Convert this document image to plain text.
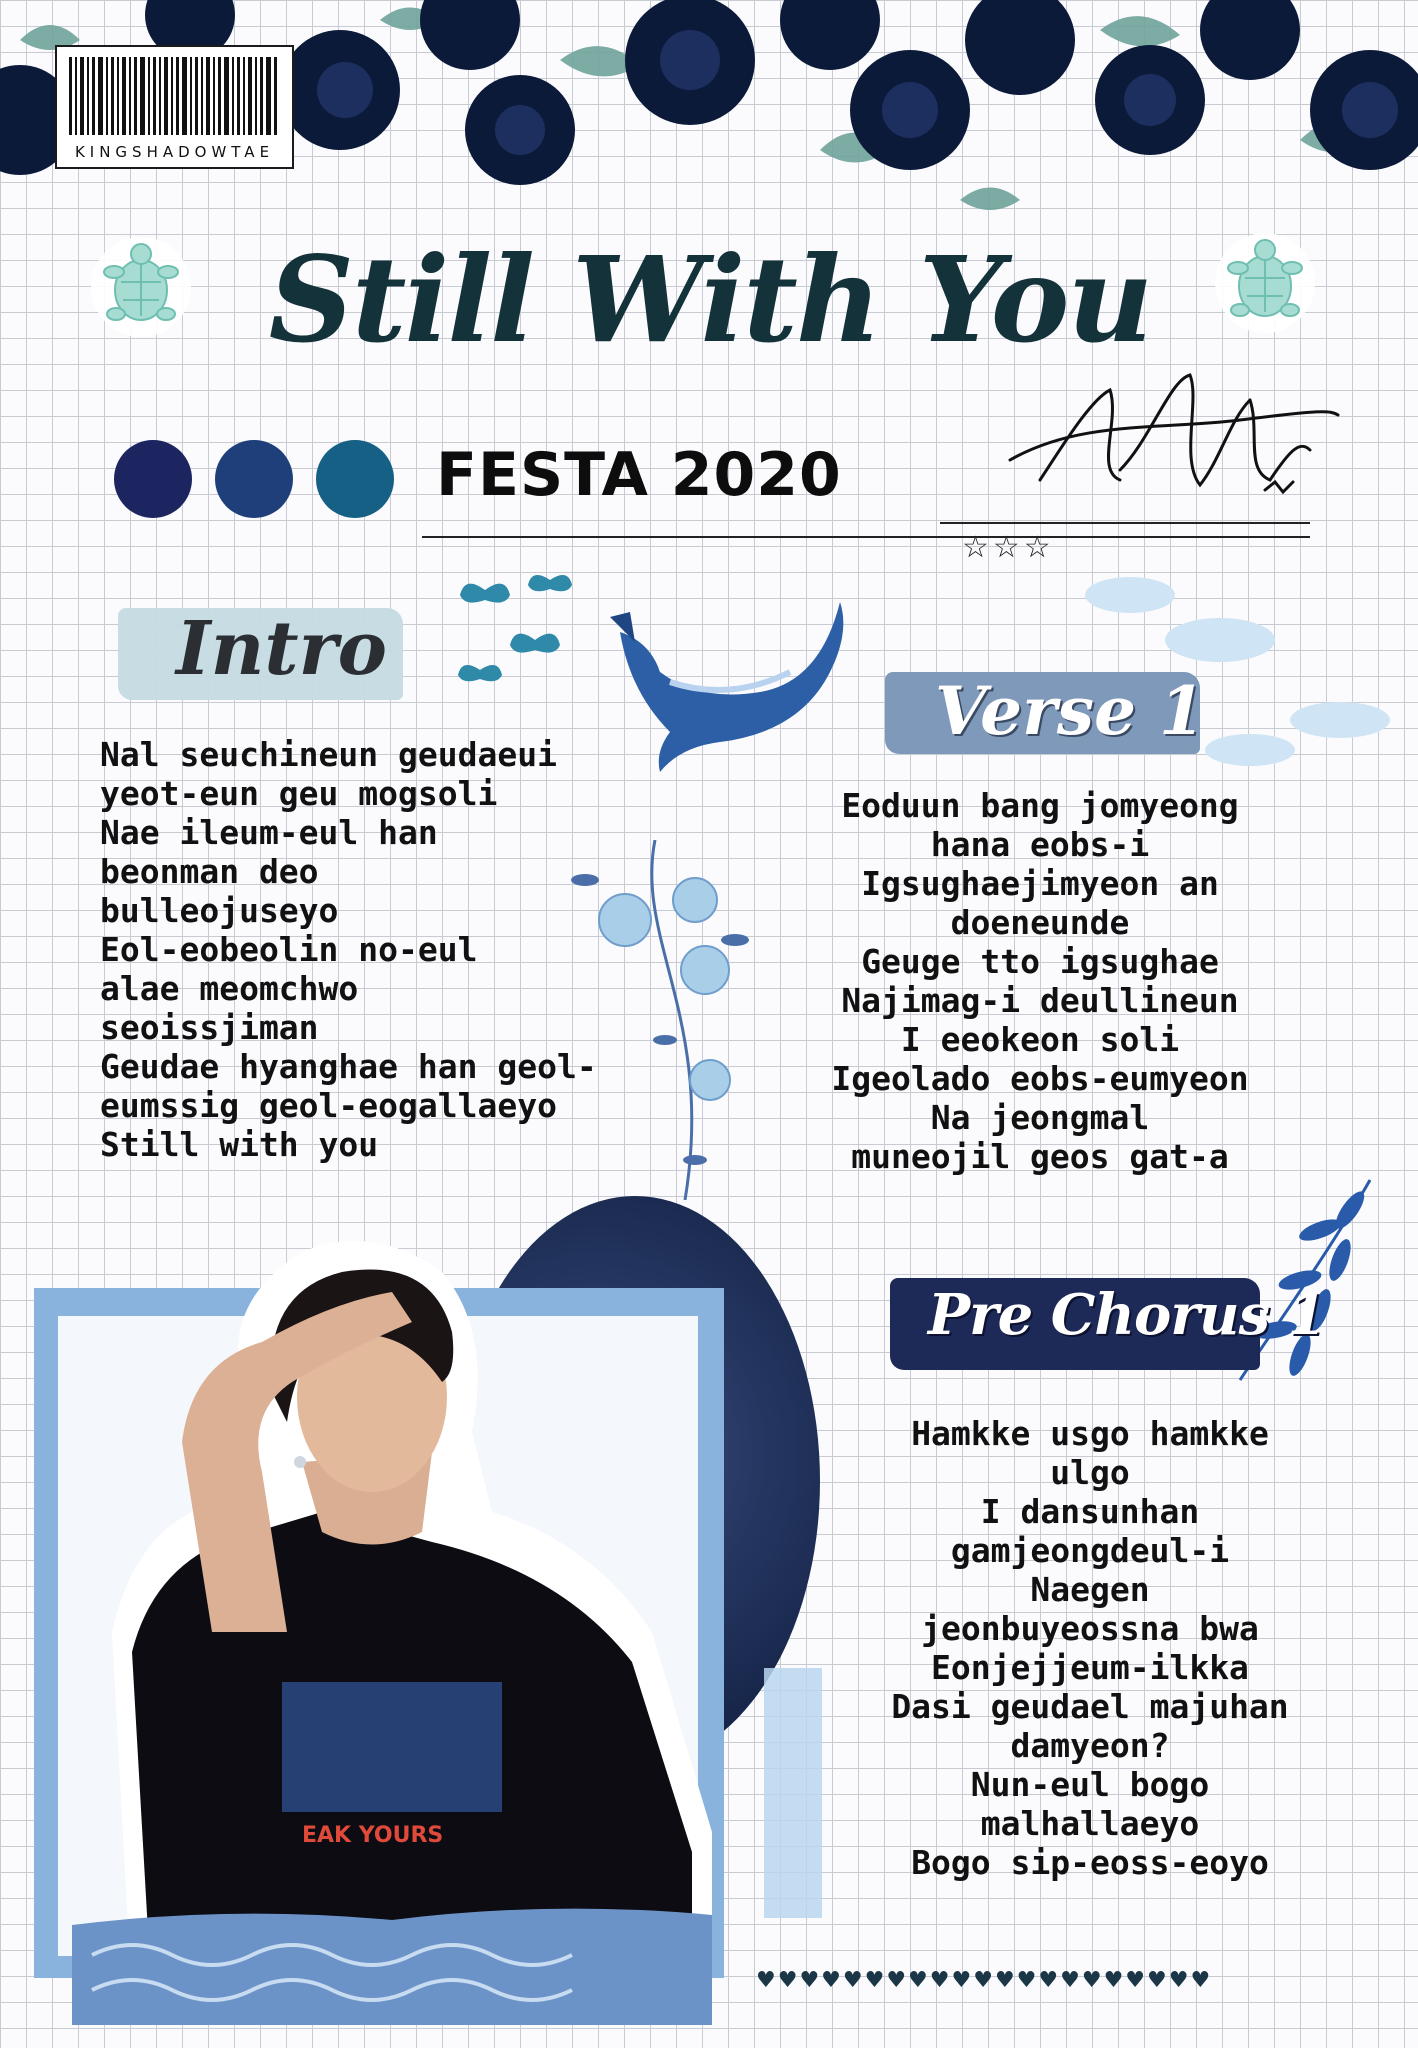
KINGSHADOWTAE
Still With You
FESTA 2020
☆☆☆
Intro
Nal seuchineun geudaeui
yeot-eun geu mogsoli
Nae ileum-eul han
beonman deo
bulleojuseyo
Eol-eobeolin no-eul
alae meomchwo
seoissjiman
Geudae hyanghae han geol-
eumssig geol-eogallaeyo
Still with you
Verse 1
Eoduun bang jomyeong
hana eobs-i
Igsughaejimyeon an
doeneunde
Geuge tto igsughae
Najimag-i deullineun
I eeokeon soli
Igeolado eobs-eumyeon
Na jeongmal
muneojil geos gat-a
Pre Chorus 1
Hamkke usgo hamkke
ulgo
I dansunhan
gamjeongdeul-i
Naegen
jeonbuyeossna bwa
Eonjejjeum-ilkka
Dasi geudael majuhan
damyeon?
Nun-eul bogo
malhallaeyo
Bogo sip-eoss-eoyo
EAK YOURS
♥♥♥♥♥♥♥♥♥♥♥♥♥♥♥♥♥♥♥♥♥
